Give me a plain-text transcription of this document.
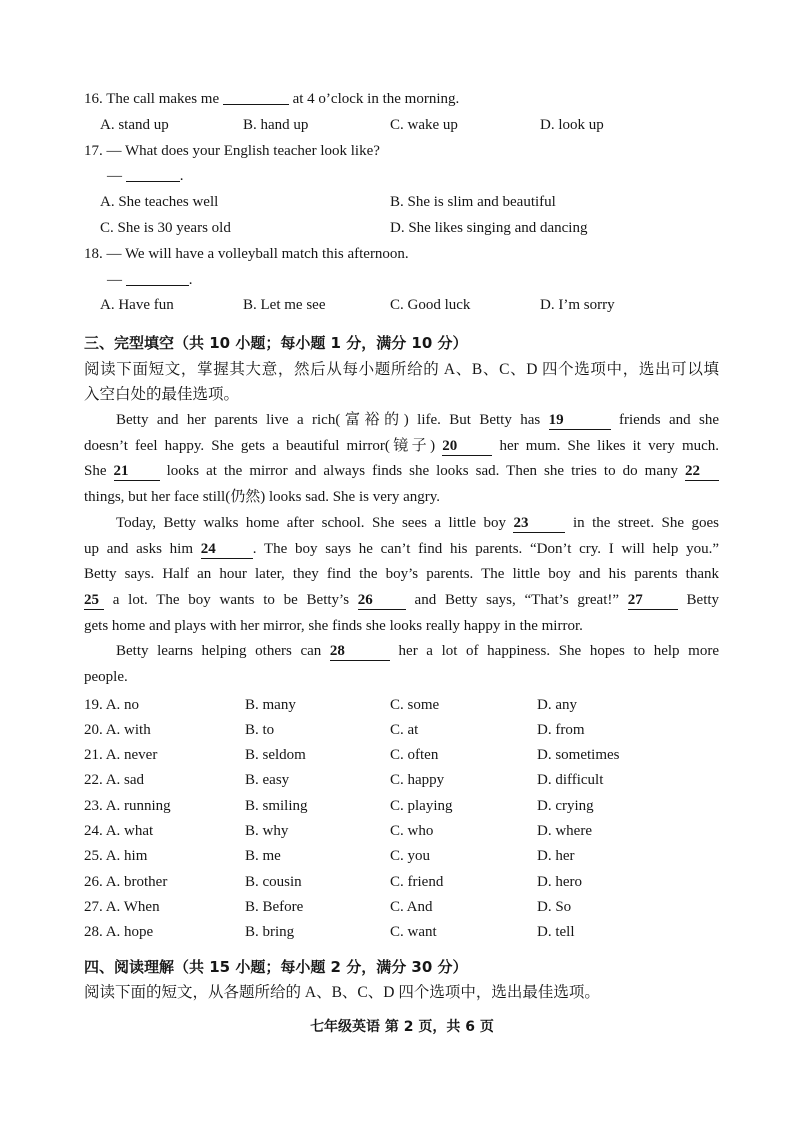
16. The call makes me	at 4 o’clock in the morning.
A. stand up	B. hand up	C. wake up	D. look up
17. — What does your English teacher look like?
—	.
A. She teaches well	B. She is slim and beautiful
C. She is 30 years old	D. She likes singing and dancing
18. — We will have a volleyball match this afternoon.
—	.
A. Have fun	B. Let me see	C. Good luck	D. I’m sorry
三、完型填空（共 10 小题；每小题 1 分，满分 10 分）
阅读下面短文，掌握其大意，然后从每小题所给的 A、B、C、D 四个选项中，选出可以填
入空白处的最佳选项。
Betty and her parents live a rich(富裕的) life. But Betty has 19	friends and she
doesn’t feel happy. She gets a beautiful mirror(镜子) 20	her mum. She likes it very much.
She 21	looks at the mirror and always finds she looks sad. Then she tries to do many 22
things, but her face still(仍然) looks sad. She is very angry.
Today, Betty walks home after school. She sees a little boy 23	in the street. She goes
up and asks him 24 . The boy says he can’t find his parents. “Don’t cry. I will help you.”
Betty says. Half an hour later, they find the boy’s parents. The little boy and his parents thank
25 a lot. The boy wants to be Betty’s 26	and Betty says, “That’s great!” 27	Betty
gets home and plays with her mirror, she finds she looks really happy in the mirror.
Betty learns helping others can 28	her a lot of happiness. She hopes to help more
people.
19. A. no	B. many	C. some	D. any
20. A. with	B. to	C. at	D. from
21. A. never	B. seldom	C. often	D. sometimes
22. A. sad	B. easy	C. happy	D. difficult
23. A. running	B. smiling	C. playing	D. crying
24. A. what	B. why	C. who	D. where
25. A. him	B. me	C. you	D. her
26. A. brother	B. cousin	C. friend	D. hero
27. A. When	B. Before	C. And	D. So
28. A. hope	B. bring	C. want	D. tell
四、阅读理解（共 15 小题；每小题 2 分，满分 30 分）
阅读下面的短文，从各题所给的 A、B、C、D 四个选项中，选出最佳选项。
七年级英语 第 2 页，共 6 页
